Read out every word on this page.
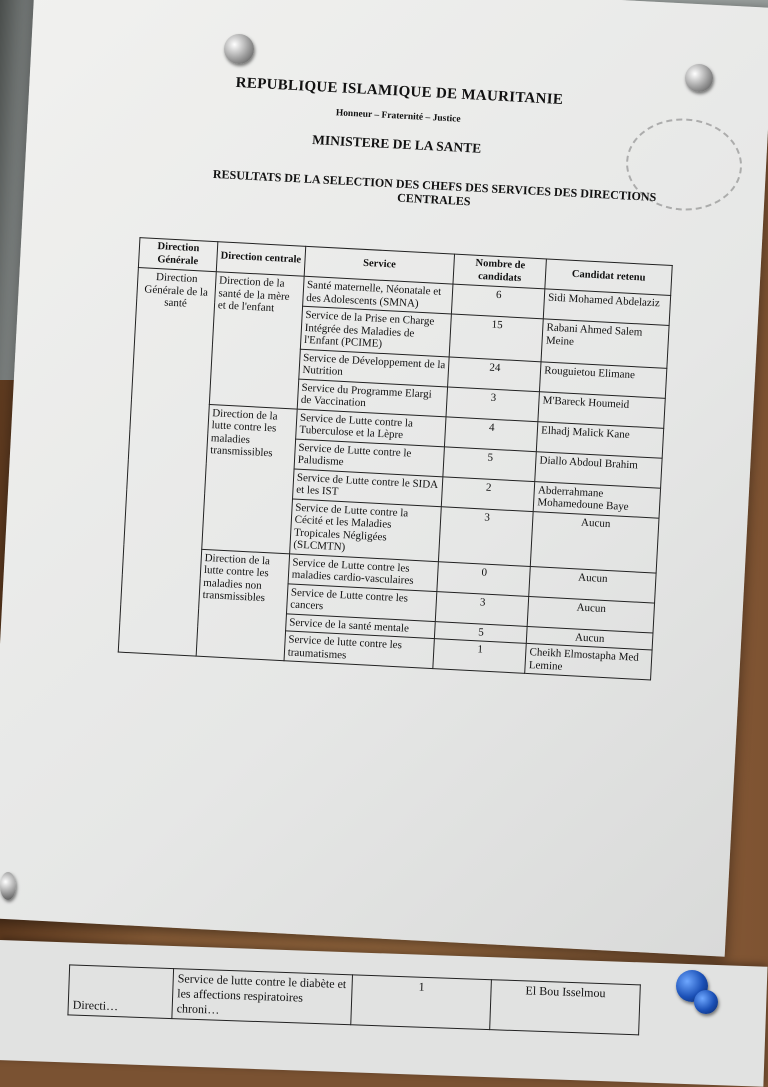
REPUBLIQUE ISLAMIQUE DE MAURITANIE
Honneur – Fraternité – Justice
MINISTERE DE LA SANTE
RESULTATS DE LA SELECTION DES CHEFS DES SERVICES DES DIRECTIONS CENTRALES
Direction Générale	Direction centrale	Service	Nombre de candidats	Candidat retenu
Direction Générale de la santé	Direction de la santé de la mère et de l'enfant	Santé maternelle, Néonatale et des Adolescents (SMNA)	6	Sidi Mohamed Abdelaziz
		Service de la Prise en Charge Intégrée des Maladies de l'Enfant (PCIME)	15	Rabani Ahmed Salem Meine
		Service de Développement de la Nutrition	24	Rouguietou Elimane
		Service du Programme Elargi de Vaccination	3	M'Bareck Houmeid
	Direction de la lutte contre les maladies transmissibles	Service de Lutte contre la Tuberculose et la Lèpre	4	Elhadj Malick Kane
		Service de Lutte contre le Paludisme	5	Diallo Abdoul Brahim
		Service de Lutte contre le SIDA et les IST	2	Abderrahmane Mohamedoune Baye
		Service de Lutte contre la Cécité et les Maladies Tropicales Négligées (SLCMTN)	3	Aucun
	Direction de la lutte contre les maladies non transmissibles	Service de Lutte contre les maladies cardio-vasculaires	0	Aucun
		Service de Lutte contre les cancers	3	Aucun
		Service de la santé mentale	5	Aucun
		Service de lutte contre les traumatismes	1	Cheikh Elmostapha Med Lemine
Directi…	Service de lutte contre le diabète et les affections respiratoires chroni…	1	El Bou Isselmou
